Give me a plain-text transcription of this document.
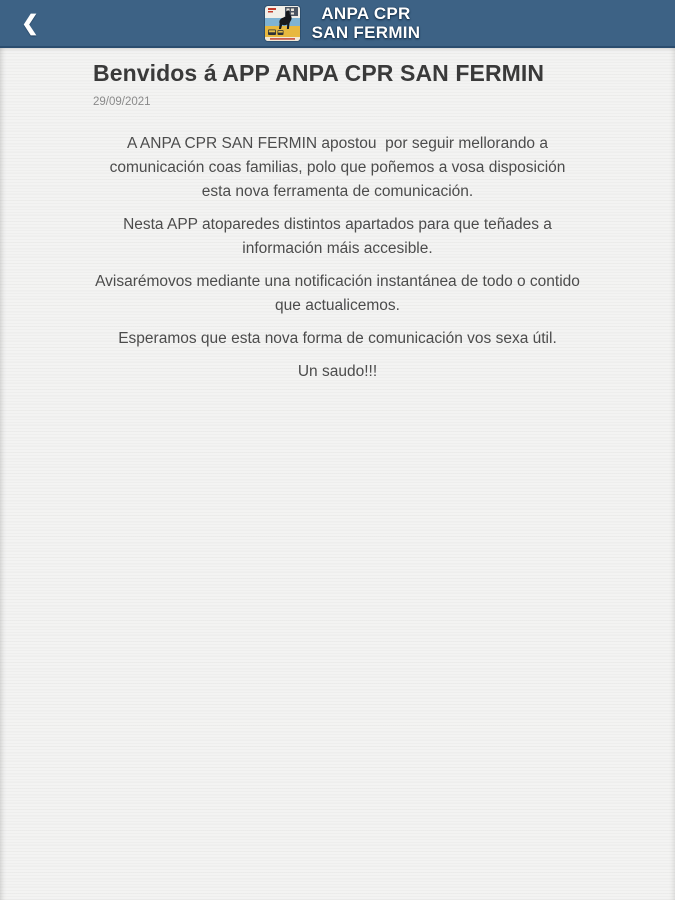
❮	ANPA CPR
SAN FERMIN
Benvidos á APP ANPA CPR SAN FERMIN
29/09/2021

A ANPA CPR SAN FERMIN apostou  por seguir mellorando a comunicación coas familias, polo que poñemos a vosa disposición esta nova ferramenta de comunicación.

Nesta APP atoparedes distintos apartados para que teñades a  información máis accesible.

Avisarémovos mediante una notificación instantánea de todo o contido que actualicemos.

Esperamos que esta nova forma de comunicación vos sexa útil.

Un saudo!!!
